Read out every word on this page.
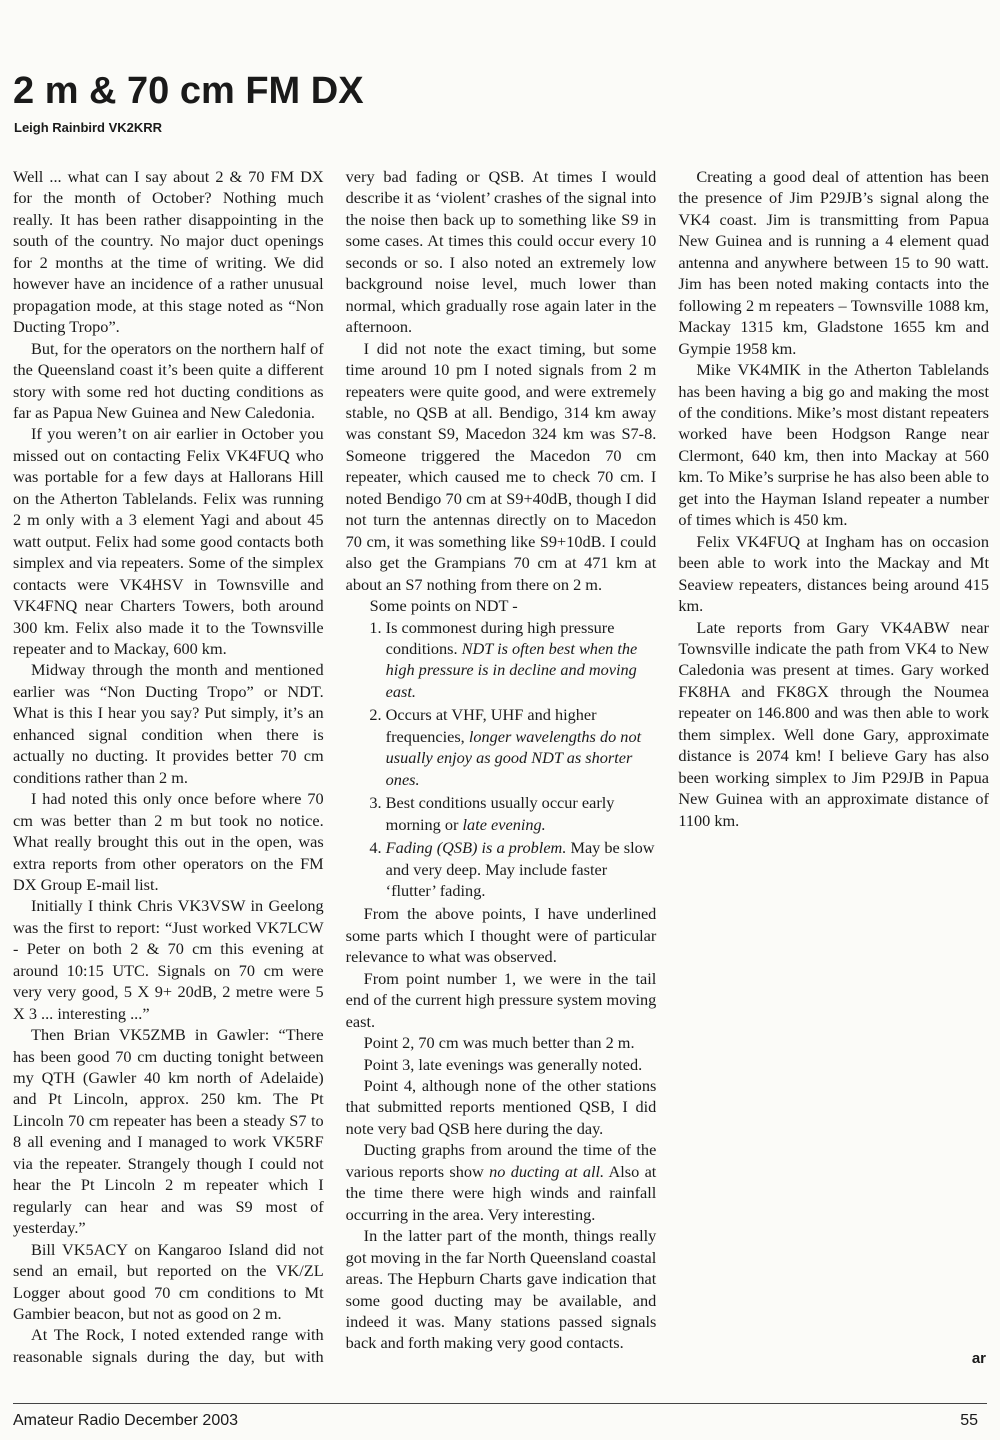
2 m & 70 cm FM DX
Leigh Rainbird VK2KRR

Well ... what can I say about 2 & 70 FM DX for the month of October? Nothing much really. It has been rather disappointing in the south of the country. No major duct openings for 2 months at the time of writing. We did however have an incidence of a rather unusual propagation mode, at this stage noted as “Non Ducting Tropo”.

But, for the operators on the northern half of the Queensland coast it’s been quite a different story with some red hot ducting conditions as far as Papua New Guinea and New Caledonia.

If you weren’t on air earlier in October you missed out on contacting Felix VK4FUQ who was portable for a few days at Hallorans Hill on the Atherton Tablelands. Felix was running 2 m only with a 3 element Yagi and about 45 watt output. Felix had some good contacts both simplex and via repeaters. Some of the simplex contacts were VK4HSV in Townsville and VK4FNQ near Charters Towers, both around 300 km. Felix also made it to the Townsville repeater and to Mackay, 600 km.

Midway through the month and mentioned earlier was “Non Ducting Tropo” or NDT. What is this I hear you say? Put simply, it’s an enhanced signal condition when there is actually no ducting. It provides better 70 cm conditions rather than 2 m.

I had noted this only once before where 70 cm was better than 2 m but took no notice. What really brought this out in the open, was extra reports from other operators on the FM DX Group E-mail list.

Initially I think Chris VK3VSW in Geelong was the first to report: “Just worked VK7LCW - Peter on both 2 & 70 cm this evening at around 10:15 UTC. Signals on 70 cm were very very good, 5 X 9+ 20dB, 2 metre were 5 X 3 ... interesting ...”

Then Brian VK5ZMB in Gawler: “There has been good 70 cm ducting tonight between my QTH (Gawler 40 km north of Adelaide) and Pt Lincoln, approx. 250 km. The Pt Lincoln 70 cm repeater has been a steady S7 to 8 all evening and I managed to work VK5RF via the repeater. Strangely though I could not hear the Pt Lincoln 2 m repeater which I regularly can hear and was S9 most of yesterday.”

Bill VK5ACY on Kangaroo Island did not send an email, but reported on the VK/ZL Logger about good 70 cm conditions to Mt Gambier beacon, but not as good on 2 m.

At The Rock, I noted extended range with reasonable signals during the day, but with very bad fading or QSB. At times I would describe it as ‘violent’ crashes of the signal into the noise then back up to something like S9 in some cases. At times this could occur every 10 seconds or so. I also noted an extremely low background noise level, much lower than normal, which gradually rose again later in the afternoon.

I did not note the exact timing, but some time around 10 pm I noted signals from 2 m repeaters were quite good, and were extremely stable, no QSB at all. Bendigo, 314 km away was constant S9, Macedon 324 km was S7-8. Someone triggered the Macedon 70 cm repeater, which caused me to check 70 cm. I noted Bendigo 70 cm at S9+40dB, though I did not turn the antennas directly on to Macedon 70 cm, it was something like S9+10dB. I could also get the Grampians 70 cm at 471 km at about an S7 nothing from there on 2 m.

Some points on NDT -

1. Is commonest during high pressure conditions. NDT is often best when the high pressure is in decline and moving east.
2. Occurs at VHF, UHF and higher frequencies, longer wavelengths do not usually enjoy as good NDT as shorter ones.
3. Best conditions usually occur early morning or late evening.
4. Fading (QSB) is a problem. May be slow and very deep. May include faster ‘flutter’ fading.

From the above points, I have underlined some parts which I thought were of particular relevance to what was observed.

From point number 1, we were in the tail end of the current high pressure system moving east.

Point 2, 70 cm was much better than 2 m.

Point 3, late evenings was generally noted.

Point 4, although none of the other stations that submitted reports mentioned QSB, I did note very bad QSB here during the day.

Ducting graphs from around the time of the various reports show no ducting at all. Also at the time there were high winds and rainfall occurring in the area. Very interesting.

In the latter part of the month, things really got moving in the far North Queensland coastal areas. The Hepburn Charts gave indication that some good ducting may be available, and indeed it was. Many stations passed signals back and forth making very good contacts.

Creating a good deal of attention has been the presence of Jim P29JB’s signal along the VK4 coast. Jim is transmitting from Papua New Guinea and is running a 4 element quad antenna and anywhere between 15 to 90 watt. Jim has been noted making contacts into the following 2 m repeaters – Townsville 1088 km, Mackay 1315 km, Gladstone 1655 km and Gympie 1958 km.

Mike VK4MIK in the Atherton Tablelands has been having a big go and making the most of the conditions. Mike’s most distant repeaters worked have been Hodgson Range near Clermont, 640 km, then into Mackay at 560 km. To Mike’s surprise he has also been able to get into the Hayman Island repeater a number of times which is 450 km.

Felix VK4FUQ at Ingham has on occasion been able to work into the Mackay and Mt Seaview repeaters, distances being around 415 km.

Late reports from Gary VK4ABW near Townsville indicate the path from VK4 to New Caledonia was present at times. Gary worked FK8HA and FK8GX through the Noumea repeater on 146.800 and was then able to work them simplex. Well done Gary, approximate distance is 2074 km! I believe Gary has also been working simplex to Jim P29JB in Papua New Guinea with an approximate distance of 1100 km.

ar
Amateur Radio December 2003	55
